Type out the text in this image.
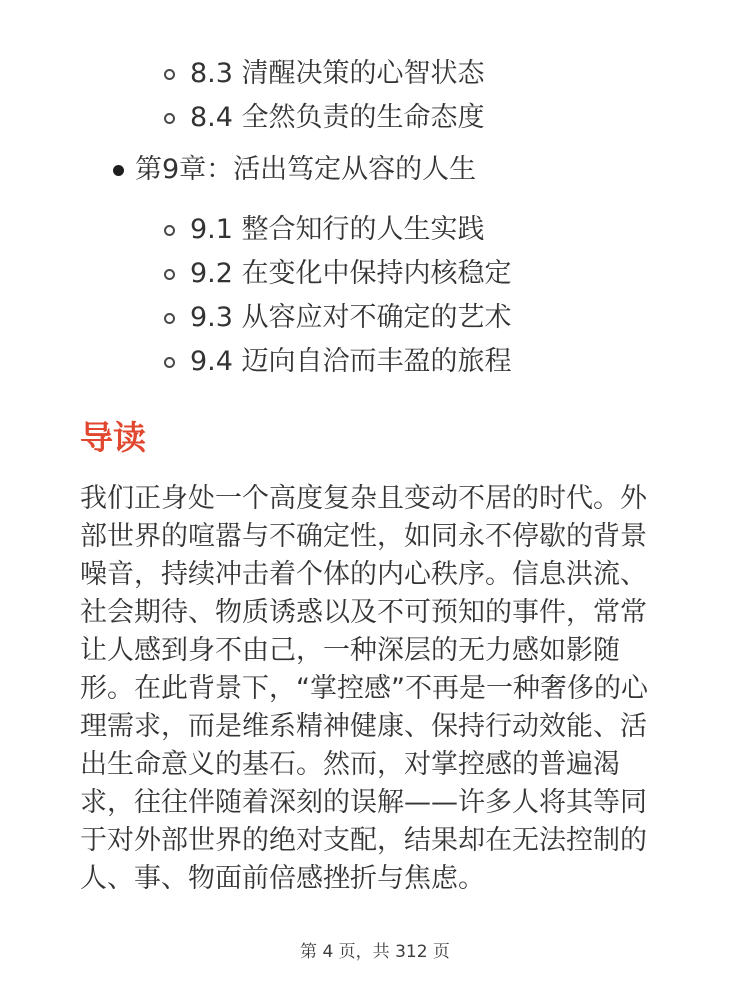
8.3 清醒决策的心智状态
8.4 全然负责的生命态度
第9章：活出笃定从容的人生
9.1 整合知行的人生实践
9.2 在变化中保持内核稳定
9.3 从容应对不确定的艺术
9.4 迈向自洽而丰盈的旅程
导读

我们正身处一个高度复杂且变动不居的时代。外部世界的喧嚣与不确定性，如同永不停歇的背景噪音，持续冲击着个体的内心秩序。信息洪流、社会期待、物质诱惑以及不可预知的事件，常常让人感到身不由己，一种深层的无力感如影随形。在此背景下，“掌控感”不再是一种奢侈的心理需求，而是维系精神健康、保持行动效能、活出生命意义的基石。然而，对掌控感的普遍渴求，往往伴随着深刻的误解——许多人将其等同于对外部世界的绝对支配，结果却在无法控制的人、事、物面前倍感挫折与焦虑。

第 4 页，共 312 页
